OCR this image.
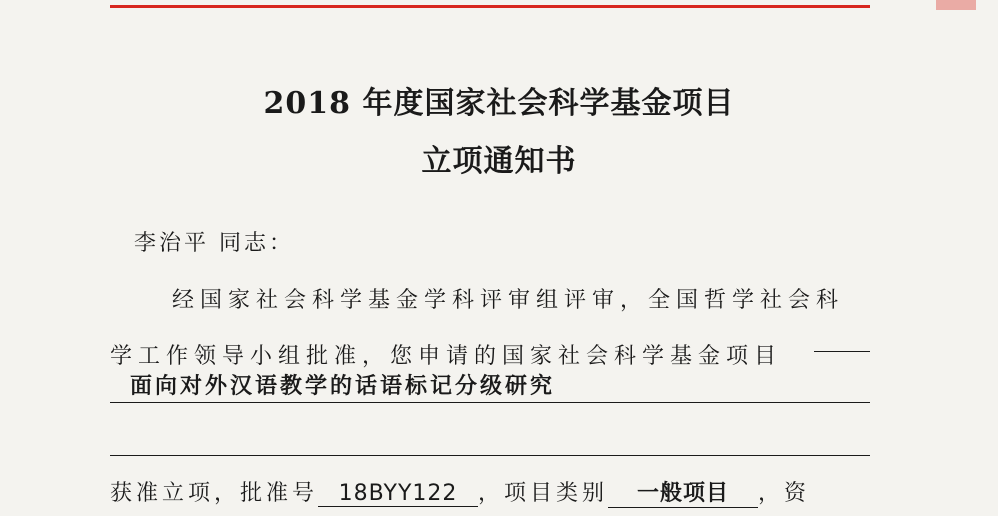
2018 年度国家社会科学基金项目
立项通知书
李治平 同志：
经国家社会科学基金学科评审组评审，全国哲学社会科
学工作领导小组批准，您申请的国家社会科学基金项目
面向对外汉语教学的话语标记分级研究
获准立项，批准号 18BYY122 ，项目类别 一般项目 ，资
